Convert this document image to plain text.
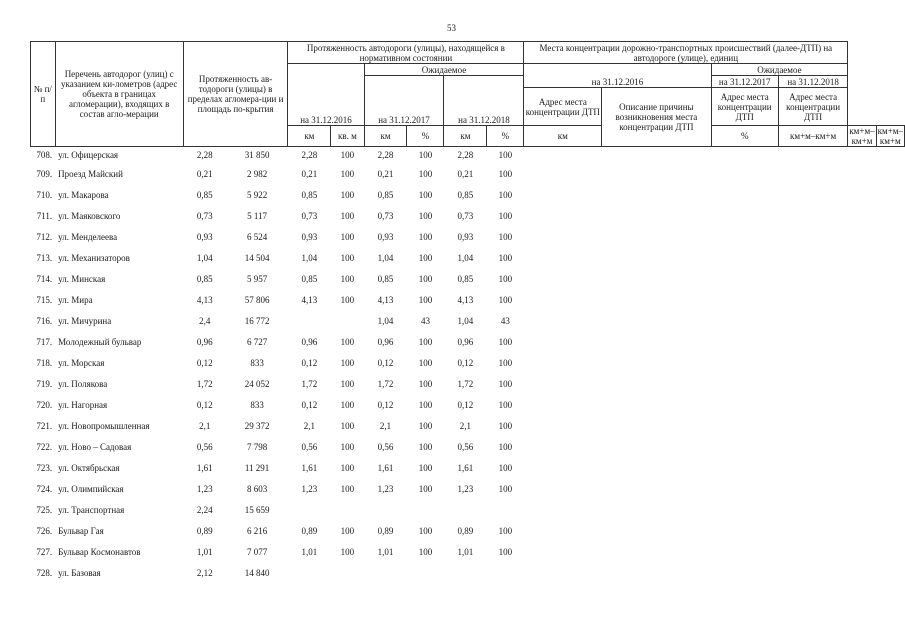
53
№ п/п	Перечень автодорог (улиц) с указанием ки-лометров (адрес объекта в границах агломерации), входящих в состав агло-мерации	Протяженность ав-тодороги (улицы) в пределах агломера-ции и площадь по-крытия		Протяженность автодороги (улицы), находящейся в нормативном состоянии						Места концентрации дорожно-транспортных происшествий (далее-ДТП) на автодороге (улице), единиц					
				на 31.12.2016		Ожидаемое				на 31.12.2016		Ожидаемое			
						на 31.12.2017		на 31.12.2018				на 31.12.2017	на 31.12.2018		
										Адрес места концентрации ДТП	Описание причины возникновения места концентрации ДТП	Адрес места концентрации ДТП	Адрес места концентрации ДТП		
				км	кв. м	км	%	км	%	км		%	км+м–км+м	км+м–км+м	км+м–км+м
708.	ул. Офицерская	2,28	31 850	2,28	100	2,28	100	2,28	100						
709.	Проезд Майский	0,21	2 982	0,21	100	0,21	100	0,21	100						
710.	ул. Макарова	0,85	5 922	0,85	100	0,85	100	0,85	100						
711.	ул. Маяковского	0,73	5 117	0,73	100	0,73	100	0,73	100						
712.	ул. Менделеева	0,93	6 524	0,93	100	0,93	100	0,93	100						
713.	ул. Механизаторов	1,04	14 504	1,04	100	1,04	100	1,04	100						
714.	ул. Минская	0,85	5 957	0,85	100	0,85	100	0,85	100						
715.	ул. Мира	4,13	57 806	4,13	100	4,13	100	4,13	100						
716.	ул. Мичурина	2,4	16 772			1,04	43	1,04	43						
717.	Молодежный бульвар	0,96	6 727	0,96	100	0,96	100	0,96	100						
718.	ул. Морская	0,12	833	0,12	100	0,12	100	0,12	100						
719.	ул. Полякова	1,72	24 052	1,72	100	1,72	100	1,72	100						
720.	ул. Нагорная	0,12	833	0,12	100	0,12	100	0,12	100						
721.	ул. Новопромышленная	2,1	29 372	2,1	100	2,1	100	2,1	100						
722.	ул. Ново – Садовая	0,56	7 798	0,56	100	0,56	100	0,56	100						
723.	ул. Октябрьская	1,61	11 291	1,61	100	1,61	100	1,61	100						
724.	ул. Олимпийская	1,23	8 603	1,23	100	1,23	100	1,23	100						
725.	ул. Транспортная	2,24	15 659												
726.	Бульвар Гая	0,89	6 216	0,89	100	0,89	100	0,89	100						
727.	Бульвар Космонавтов	1,01	7 077	1,01	100	1,01	100	1,01	100						
728.	ул. Базовая	2,12	14 840												
